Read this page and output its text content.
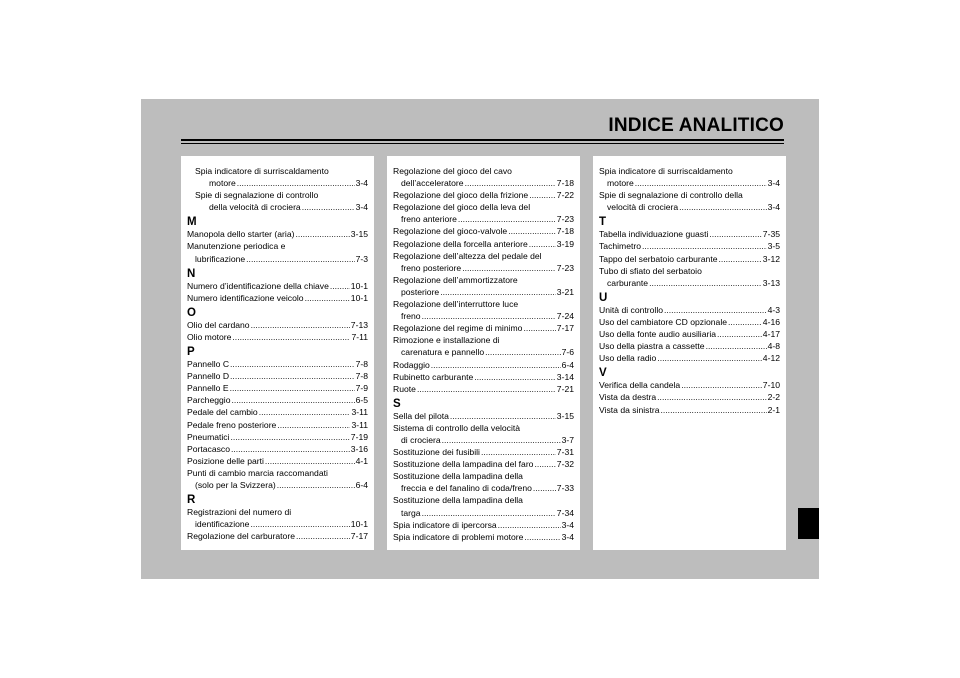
INDICE ANALITICO
Spia indicatore di surriscaldamento
motore .....	3-4
Spie di segnalazione di controllo
della velocità di crociera .....	3-4
M
Manopola dello starter (aria) .....	3-15
Manutenzione periodica e
lubrificazione .....	7-3
N
Numero d’identificazione della chiave .....	10-1
Numero identificazione veicolo .....	10-1
O
Olio del cardano .....	7-13
Olio motore .....	7-11
P
Pannello C .....	7-8
Pannello D .....	7-8
Pannello E .....	7-9
Parcheggio .....	6-5
Pedale del cambio .....	3-11
Pedale freno posteriore .....	3-11
Pneumatici .....	7-19
Portacasco .....	3-16
Posizione delle parti .....	4-1
Punti di cambio marcia raccomandati
(solo per la Svizzera) .....	6-4
R
Registrazioni del numero di
identificazione .....	10-1
Regolazione del carburatore .....	7-17
Regolazione del gioco del cavo
dell’acceleratore .....	7-18
Regolazione del gioco della frizione .....	7-22
Regolazione del gioco della leva del
freno anteriore .....	7-23
Regolazione del gioco-valvole .....	7-18
Regolazione della forcella anteriore .....	3-19
Regolazione dell’altezza del pedale del
freno posteriore .....	7-23
Regolazione dell’ammortizzatore
posteriore .....	3-21
Regolazione dell’interruttore luce
freno .....	7-24
Regolazione del regime di minimo .....	7-17
Rimozione e installazione di
carenatura e pannello .....	7-6
Rodaggio .....	6-4
Rubinetto carburante .....	3-14
Ruote .....	7-21
S
Sella del pilota .....	3-15
Sistema di controllo della velocità
di crociera .....	3-7
Sostituzione dei fusibili .....	7-31
Sostituzione della lampadina del faro .....	7-32
Sostituzione della lampadina della
freccia e del fanalino di coda/freno .....	7-33
Sostituzione della lampadina della
targa .....	7-34
Spia indicatore di ipercorsa .....	3-4
Spia indicatore di problemi motore .....	3-4
Spia indicatore di surriscaldamento
motore .....	3-4
Spie di segnalazione di controllo della
velocità di crociera .....	3-4
T
Tabella individuazione guasti .....	7-35
Tachimetro .....	3-5
Tappo del serbatoio carburante .....	3-12
Tubo di sfiato del serbatoio
carburante .....	3-13
U
Unità di controllo .....	4-3
Uso del cambiatore CD opzionale .....	4-16
Uso della fonte audio ausiliaria .....	4-17
Uso della piastra a cassette .....	4-8
Uso della radio .....	4-12
V
Verifica della candela .....	7-10
Vista da destra .....	2-2
Vista da sinistra .....	2-1
